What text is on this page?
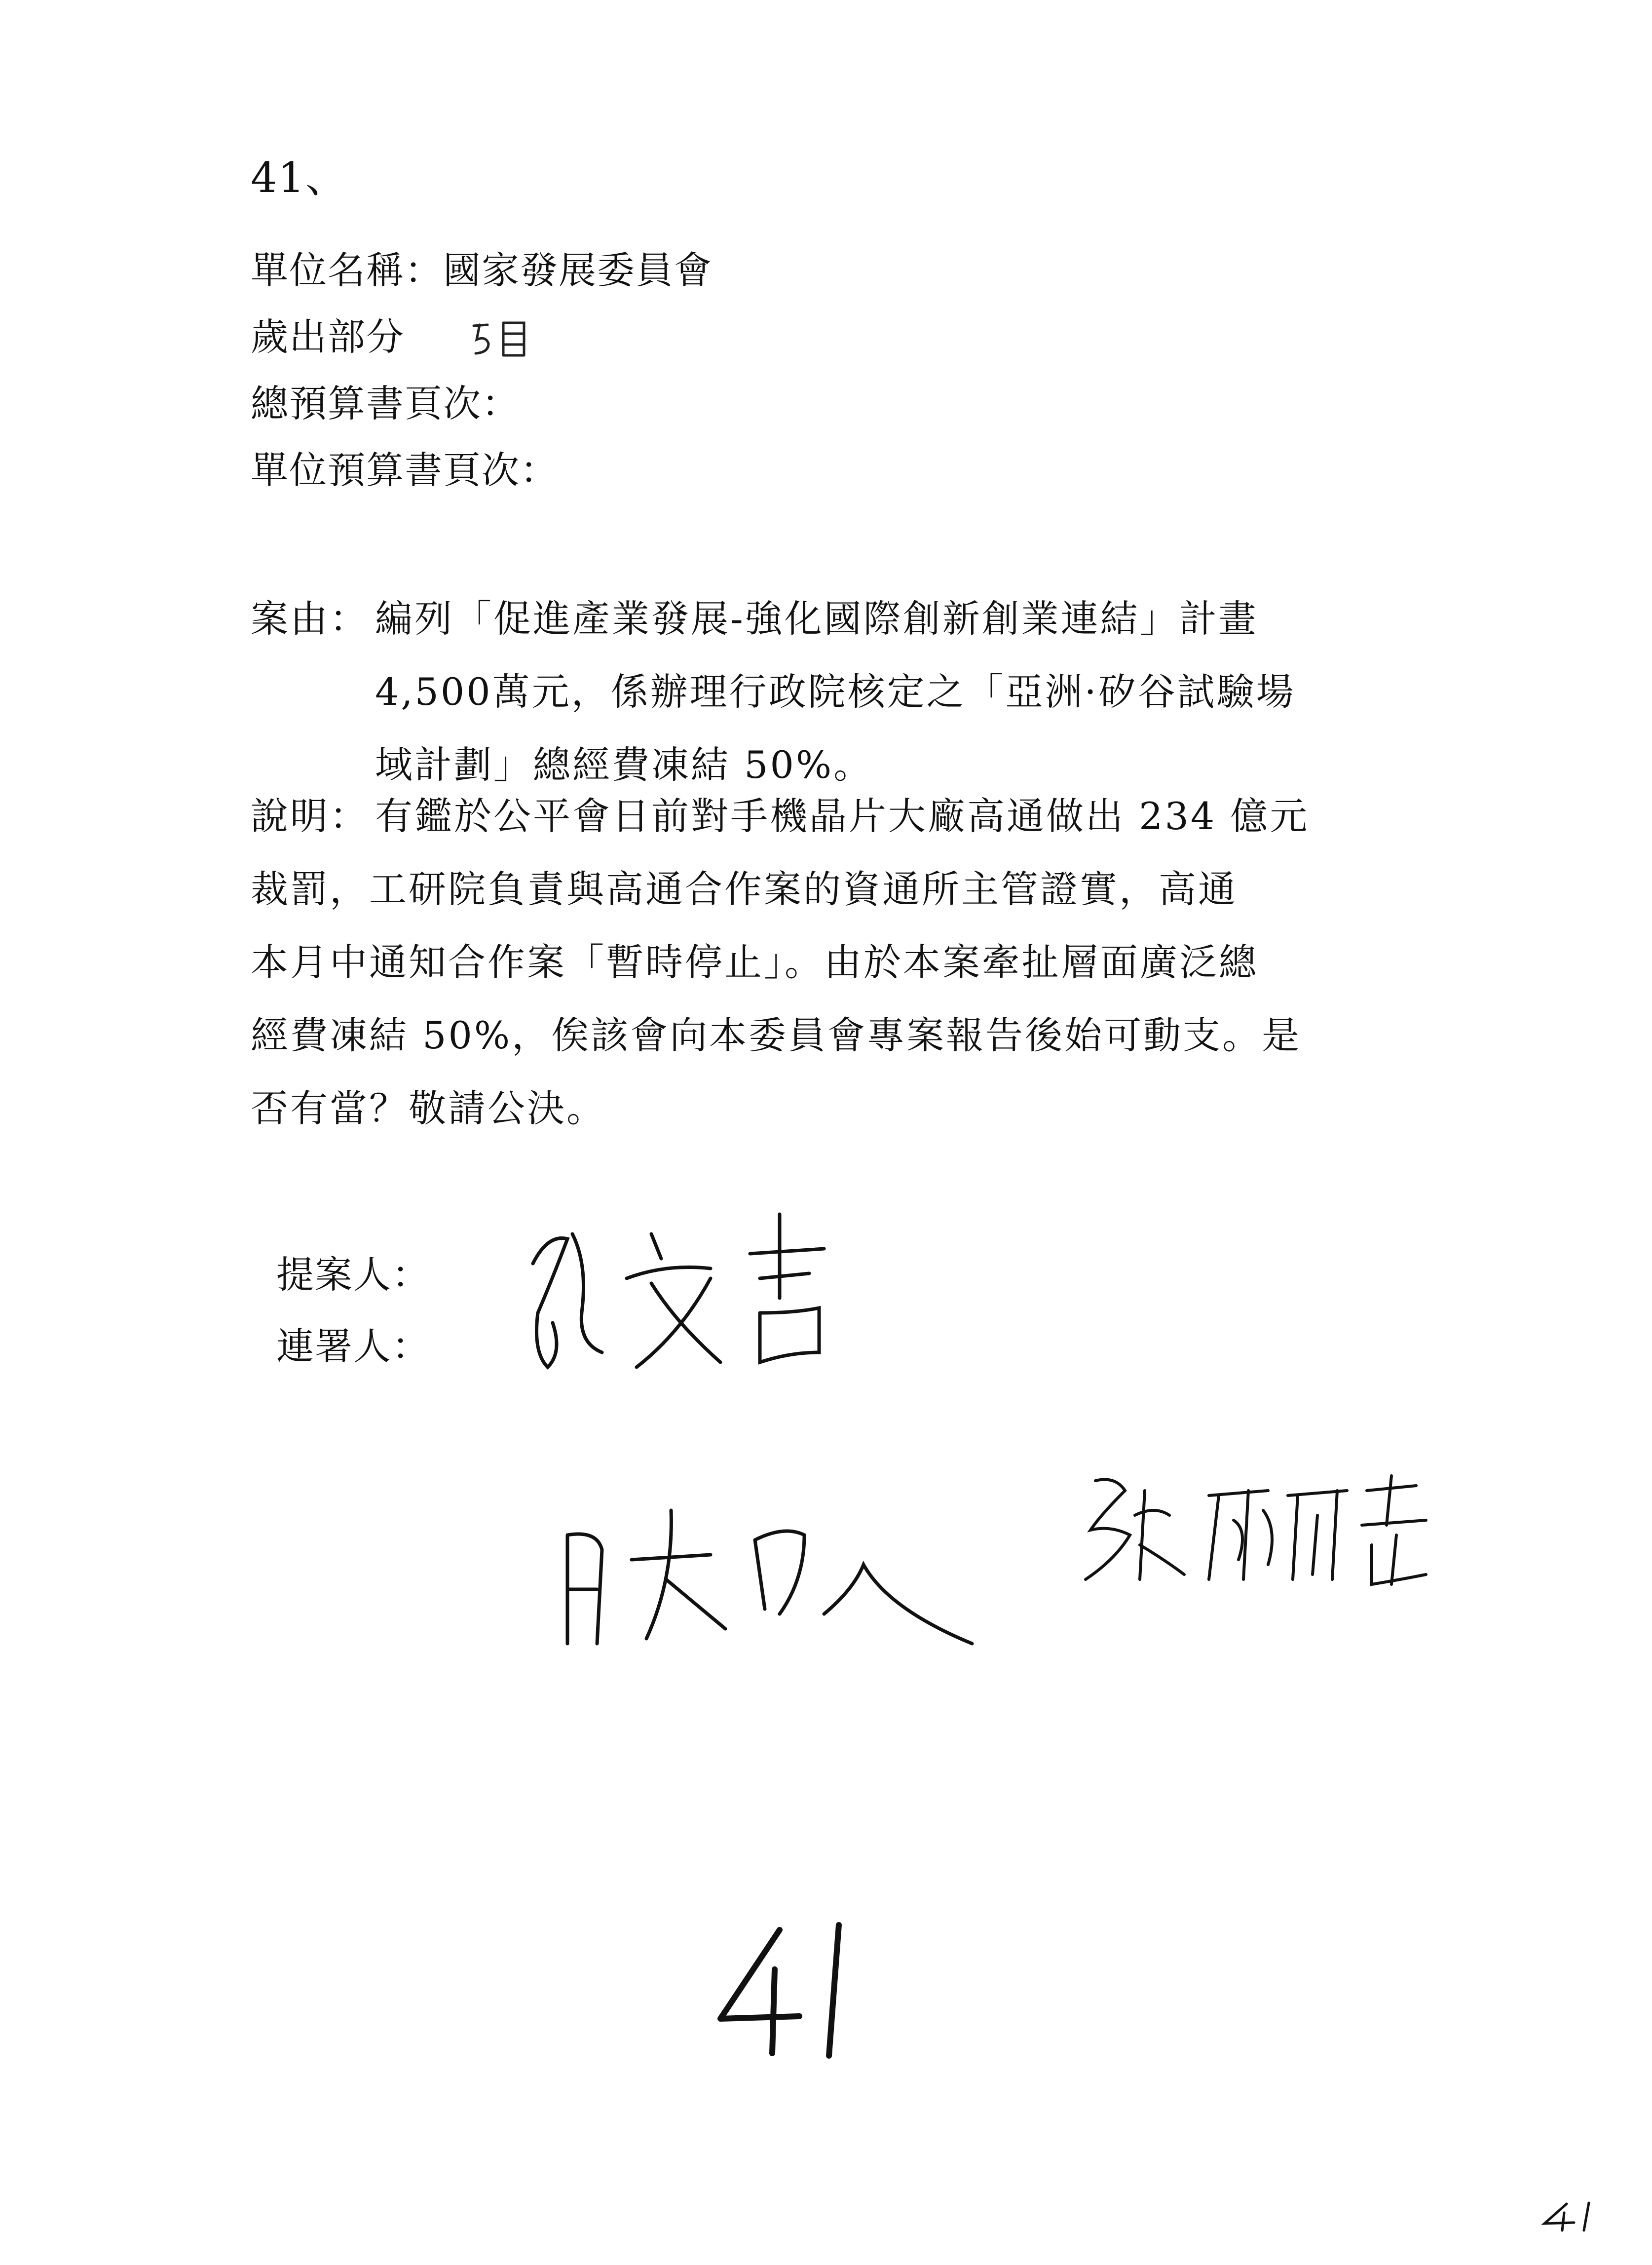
41、
單位名稱：國家發展委員會
歲出部分
總預算書頁次：
單位預算書頁次：
案由： 編列「促進產業發展-強化國際創新創業連結」計畫
4,500萬元，係辦理行政院核定之「亞洲·矽谷試驗場
域計劃」總經費凍結 50%。
說明： 有鑑於公平會日前對手機晶片大廠高通做出 234 億元
裁罰，工研院負責與高通合作案的資通所主管證實，高通
本月中通知合作案「暫時停止」。由於本案牽扯層面廣泛總
經費凍結 50%，俟該會向本委員會專案報告後始可動支。是
否有當？敬請公決。
提案人：
連署人：
